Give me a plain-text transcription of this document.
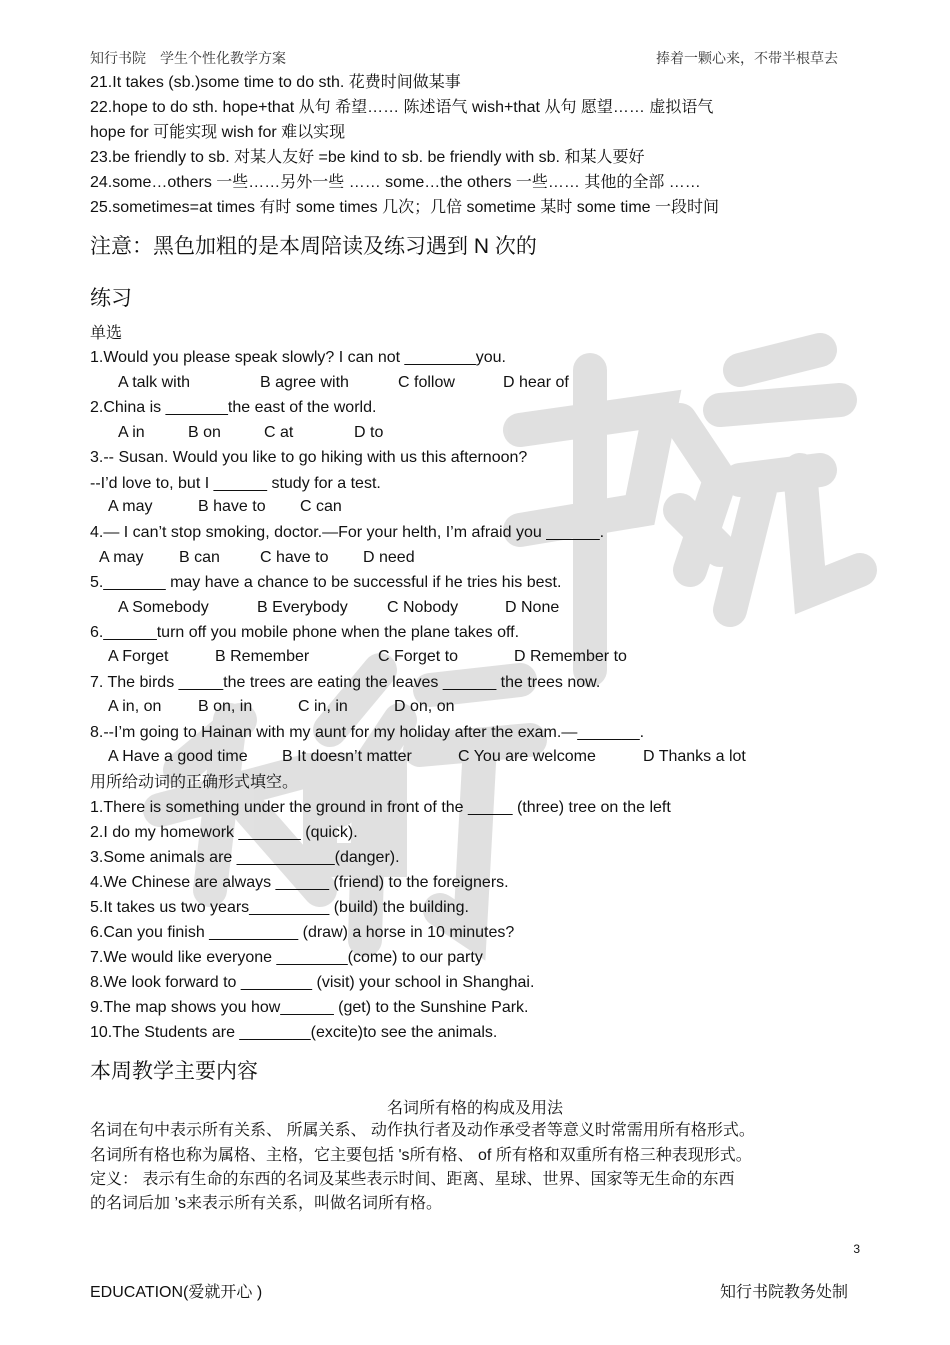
知行书院　学生个性化教学方案	捧着一颗心来，不带半根草去
21.It takes (sb.)some time to do sth. 花费时间做某事
22.hope to do sth. hope+that 从句 希望…… 陈述语气 wish+that 从句 愿望…… 虚拟语气
hope for 可能实现 wish for 难以实现
23.be friendly to sb. 对某人友好 =be kind to sb. be friendly with sb. 和某人要好
24.some…others 一些……另外一些 …… some…the others 一些…… 其他的全部 ……
25.sometimes=at times 有时 some times 几次；几倍 sometime 某时 some time 一段时间
注意：黑色加粗的是本周陪读及练习遇到 N 次的
练习
单选
1.Would you please speak slowly? I can not ________you.
A talk with	B agree with	C follow	D hear of
2.China is _______the east of the world.
A in	B on	C at	D to
3.-- Susan. Would you like to go hiking with us this afternoon?
--I’d love to, but I ______ study for a test.
A may	B have to C can
4.— I can’t stop smoking, doctor.—For your helth, I’m afraid you ______.
A may B can	C have to D need
5._______ may have a chance to be successful if he tries his best.
A Somebody	B Everybody C Nobody	D None
6.______turn off you mobile phone when the plane takes off.
A Forget	B Remember	C Forget to	D Remember to
7. The birds _____the trees are eating the leaves ______ the trees now.
A in, on B on, in	C in, in	D on, on
8.--I’m going to Hainan with my aunt for my holiday after the exam.—_______.
A Have a good time B It doesn’t matter	C You are welcome	D Thanks a lot
用所给动词的正确形式填空。
1.There is something under the ground in front of the _____ (three) tree on the left
2.I do my homework _______ (quick).
3.Some animals are ___________(danger).
4.We Chinese are always ______ (friend) to the foreigners.
5.It takes us two years_________ (build) the building.
6.Can you finish __________ (draw) a horse in 10 minutes?
7.We would like everyone ________(come) to our party
8.We look forward to ________ (visit) your school in Shanghai.
9.The map shows you how______ (get) to the Sunshine Park.
10.The Students are ________(excite)to see the animals.
本周教学主要内容
名词所有格的构成及用法
名词在句中表示所有关系、 所属关系、 动作执行者及动作承受者等意义时常需用所有格形式。
名词所有格也称为属格、主格，它主要包括 's所有格、 of 所有格和双重所有格三种表现形式。
定义： 表示有生命的东西的名词及某些表示时间、距离、星球、世界、国家等无生命的东西
的名词后加 ’s来表示所有关系，叫做名词所有格。
3
EDUCATION(爱就开心 )	知行书院教务处制
